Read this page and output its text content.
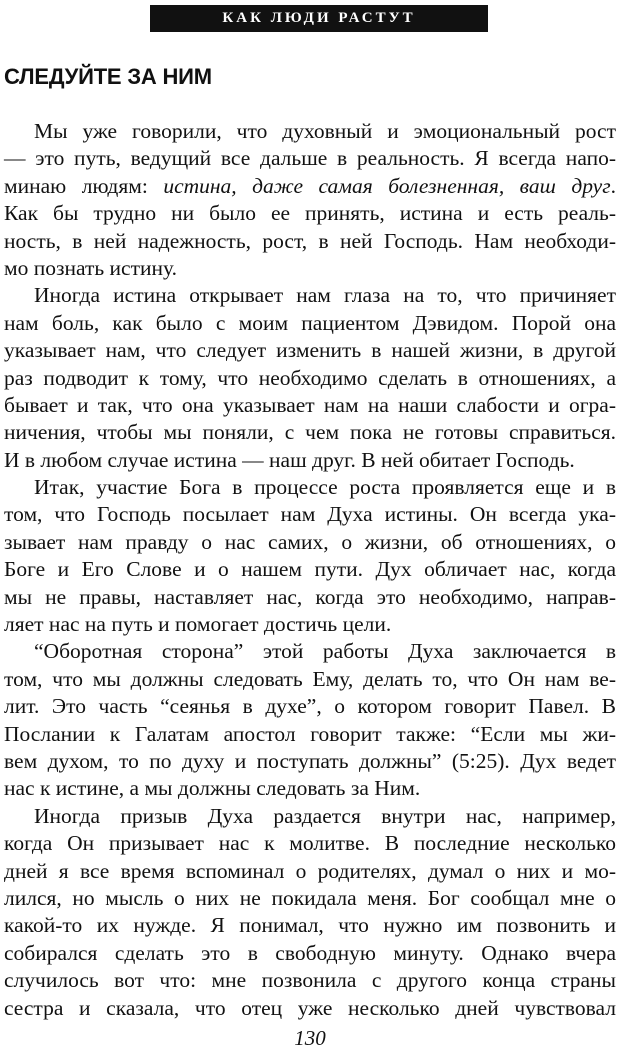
КАК ЛЮДИ РАСТУТ
СЛЕДУЙТЕ ЗА НИМ
Мы уже говорили, что духовный и эмоциональный рост
— это путь, ведущий все дальше в реальность. Я всегда напо-
минаю людям: истина, даже самая болезненная, ваш друг.
Как бы трудно ни было ее принять, истина и есть реаль-
ность, в ней надежность, рост, в ней Господь. Нам необходи-
мо познать истину.
Иногда истина открывает нам глаза на то, что причиняет
нам боль, как было с моим пациентом Дэвидом. Порой она
указывает нам, что следует изменить в нашей жизни, в другой
раз подводит к тому, что необходимо сделать в отношениях, а
бывает и так, что она указывает нам на наши слабости и огра-
ничения, чтобы мы поняли, с чем пока не готовы справиться.
И в любом случае истина — наш друг. В ней обитает Господь.
Итак, участие Бога в процессе роста проявляется еще и в
том, что Господь посылает нам Духа истины. Он всегда ука-
зывает нам правду о нас самих, о жизни, об отношениях, о
Боге и Его Слове и о нашем пути. Дух обличает нас, когда
мы не правы, наставляет нас, когда это необходимо, направ-
ляет нас на путь и помогает достичь цели.
“Оборотная сторона” этой работы Духа заключается в
том, что мы должны следовать Ему, делать то, что Он нам ве-
лит. Это часть “сеянья в духе”, о котором говорит Павел. В
Послании к Галатам апостол говорит также: “Если мы жи-
вем духом, то по духу и поступать должны” (5:25). Дух ведет
нас к истине, а мы должны следовать за Ним.
Иногда призыв Духа раздается внутри нас, например,
когда Он призывает нас к молитве. В последние несколько
дней я все время вспоминал о родителях, думал о них и мо-
лился, но мысль о них не покидала меня. Бог сообщал мне о
какой-то их нужде. Я понимал, что нужно им позвонить и
собирался сделать это в свободную минуту. Однако вчера
случилось вот что: мне позвонила с другого конца страны
сестра и сказала, что отец уже несколько дней чувствовал
130
